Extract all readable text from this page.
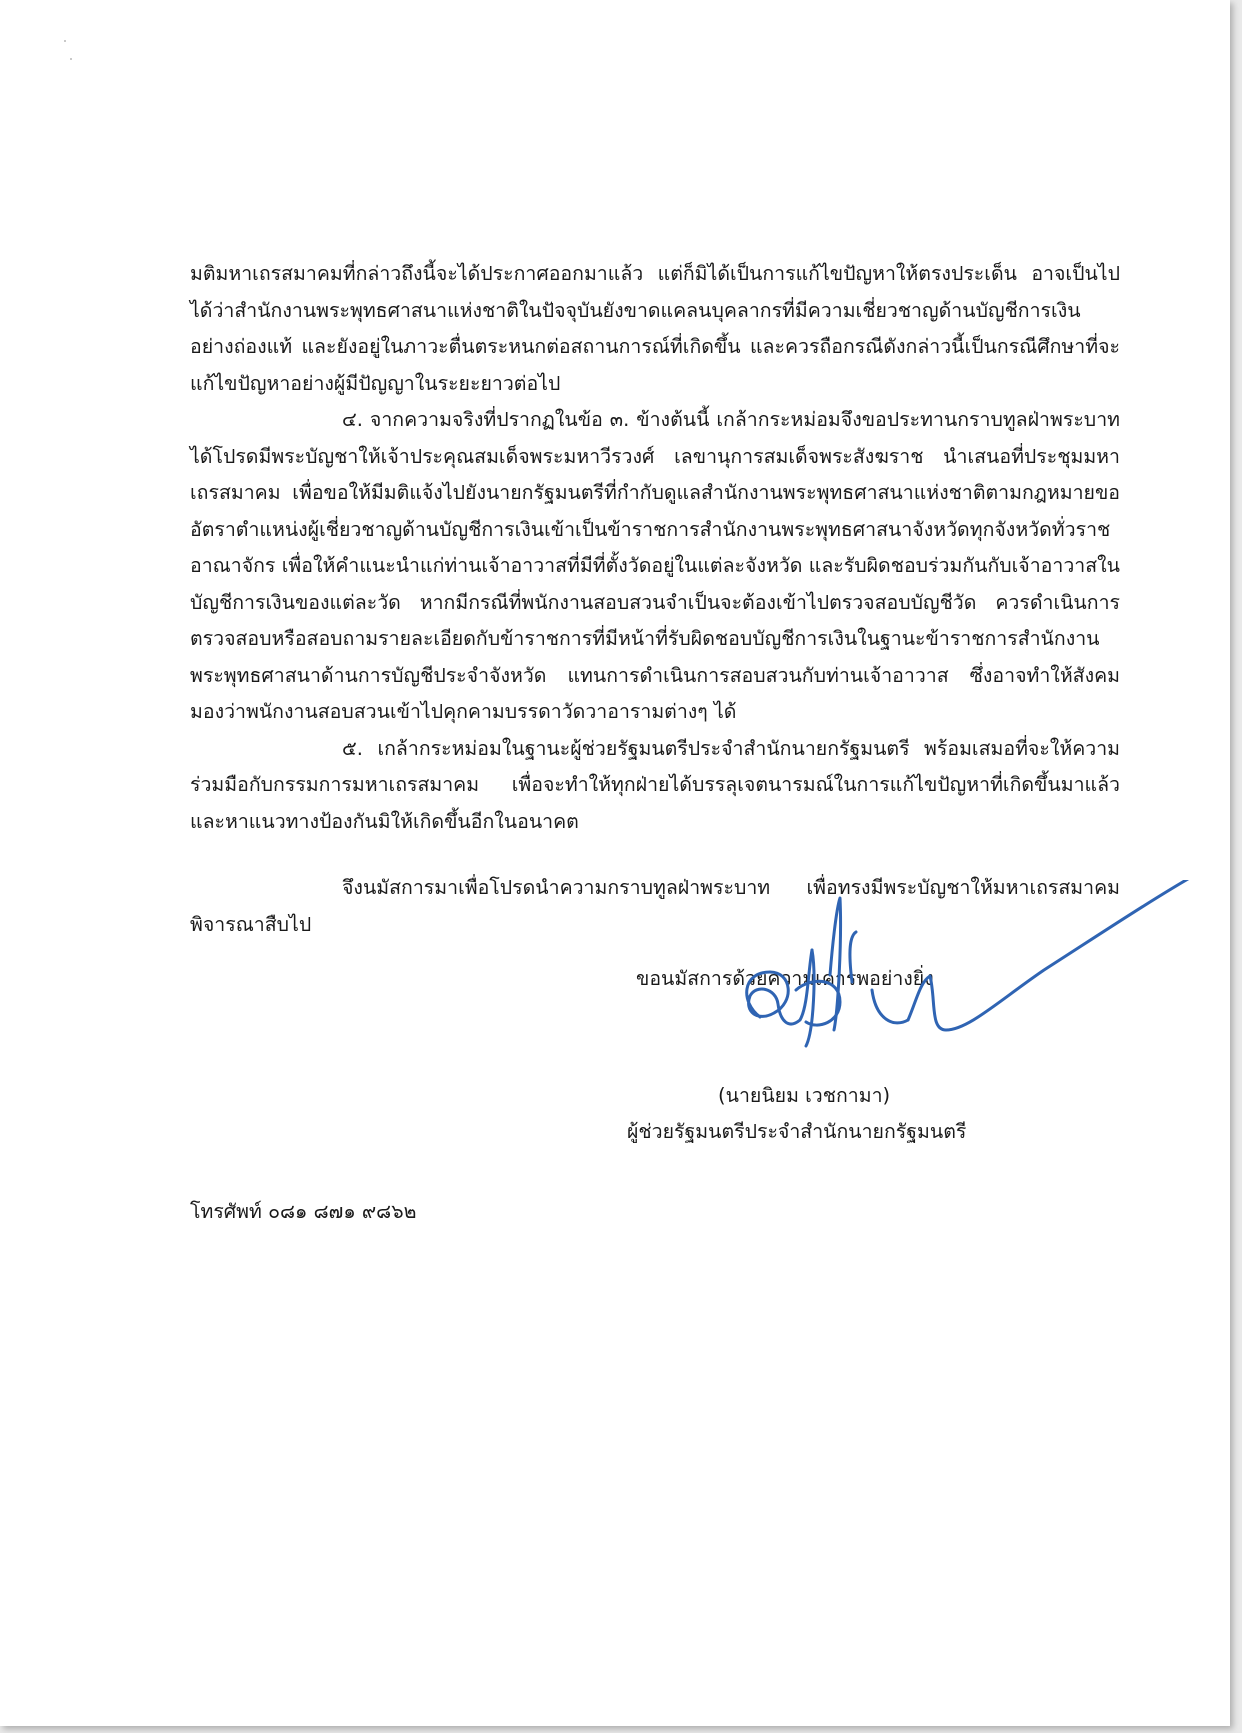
มติมหาเถรสมาคมที่กล่าวถึงนี้จะได้ประกาศออกมาแล้ว แต่ก็มิได้เป็นการแก้ไขปัญหาให้ตรงประเด็น อาจเป็นไปได้ว่าสำนักงานพระพุทธศาสนาแห่งชาติในปัจจุบันยังขาดแคลนบุคลากรที่มีความเชี่ยวชาญด้านบัญชีการเงินอย่างถ่องแท้ และยังอยู่ในภาวะตื่นตระหนกต่อสถานการณ์ที่เกิดขึ้น และควรถือกรณีดังกล่าวนี้เป็นกรณีศึกษาที่จะแก้ไขปัญหาอย่างผู้มีปัญญาในระยะยาวต่อไป

๔. จากความจริงที่ปรากฏในข้อ ๓. ข้างต้นนี้ เกล้ากระหม่อมจึงขอประทานกราบทูลฝ่าพระบาทได้โปรดมีพระบัญชาให้เจ้าประคุณสมเด็จพระมหาวีรวงศ์ เลขานุการสมเด็จพระสังฆราช นำเสนอที่ประชุมมหาเถรสมาคม เพื่อขอให้มีมติแจ้งไปยังนายกรัฐมนตรีที่กำกับดูแลสำนักงานพระพุทธศาสนาแห่งชาติตามกฎหมายขออัตราตำแหน่งผู้เชี่ยวชาญด้านบัญชีการเงินเข้าเป็นข้าราชการสำนักงานพระพุทธศาสนาจังหวัดทุกจังหวัดทั่วราชอาณาจักร เพื่อให้คำแนะนำแก่ท่านเจ้าอาวาสที่มีที่ตั้งวัดอยู่ในแต่ละจังหวัด และรับผิดชอบร่วมกันกับเจ้าอาวาสในบัญชีการเงินของแต่ละวัด หากมีกรณีที่พนักงานสอบสวนจำเป็นจะต้องเข้าไปตรวจสอบบัญชีวัด ควรดำเนินการตรวจสอบหรือสอบถามรายละเอียดกับข้าราชการที่มีหน้าที่รับผิดชอบบัญชีการเงินในฐานะข้าราชการสำนักงานพระพุทธศาสนาด้านการบัญชีประจำจังหวัด แทนการดำเนินการสอบสวนกับท่านเจ้าอาวาส ซึ่งอาจทำให้สังคมมองว่าพนักงานสอบสวนเข้าไปคุกคามบรรดาวัดวาอารามต่างๆ ได้

๕. เกล้ากระหม่อมในฐานะผู้ช่วยรัฐมนตรีประจำสำนักนายกรัฐมนตรี พร้อมเสมอที่จะให้ความร่วมมือกับกรรมการมหาเถรสมาคม เพื่อจะทำให้ทุกฝ่ายได้บรรลุเจตนารมณ์ในการแก้ไขปัญหาที่เกิดขึ้นมาแล้วและหาแนวทางป้องกันมิให้เกิดขึ้นอีกในอนาคต

จึงนมัสการมาเพื่อโปรดนำความกราบทูลฝ่าพระบาท เพื่อทรงมีพระบัญชาให้มหาเถรสมาคมพิจารณาสืบไป

ขอนมัสการด้วยความเคารพอย่างยิ่ง
(นายนิยม เวชกามา)
ผู้ช่วยรัฐมนตรีประจำสำนักนายกรัฐมนตรี
โทรศัพท์ ๐๘๑ ๘๗๑ ๙๘๖๒
